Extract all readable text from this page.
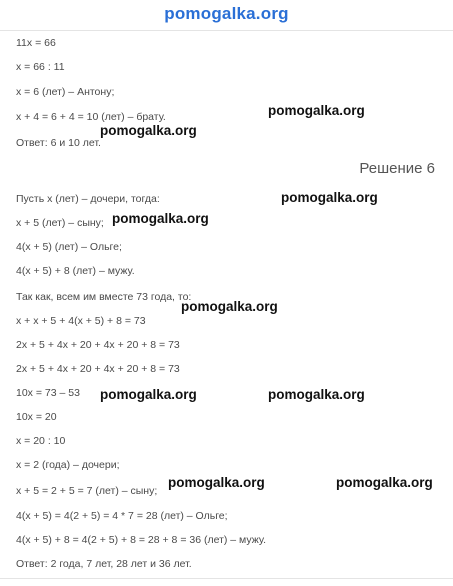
pomogalka.org
11x = 66
x = 66 : 11
x = 6 (лет) – Антону;
x + 4 = 6 + 4 = 10 (лет) – брату.
Ответ: 6 и 10 лет.
Решение 6
Пусть x (лет) – дочери, тогда:
x + 5 (лет) – сыну;
4(x + 5) (лет) – Ольге;
4(x + 5) + 8 (лет) – мужу.
Так как, всем им вместе 73 года, то:
x + x + 5 + 4(x + 5) + 8 = 73
2x + 5 + 4x + 20 + 4x + 20 + 8 = 73
2x + 5 + 4x + 20 + 4x + 20 + 8 = 73
10x = 73 – 53
10x = 20
x = 20 : 10
x = 2 (года) – дочери;
x + 5 = 2 + 5 = 7 (лет) – сыну;
4(x + 5) = 4(2 + 5) = 4 * 7 = 28 (лет) – Ольге;
4(x + 5) + 8 = 4(2 + 5) + 8 = 28 + 8 = 36 (лет) – мужу.
Ответ: 2 года, 7 лет, 28 лет и 36 лет.
pomogalka.org
pomogalka.org
pomogalka.org
pomogalka.org
pomogalka.org
pomogalka.org	pomogalka.org
pomogalka.org	pomogalka.org
